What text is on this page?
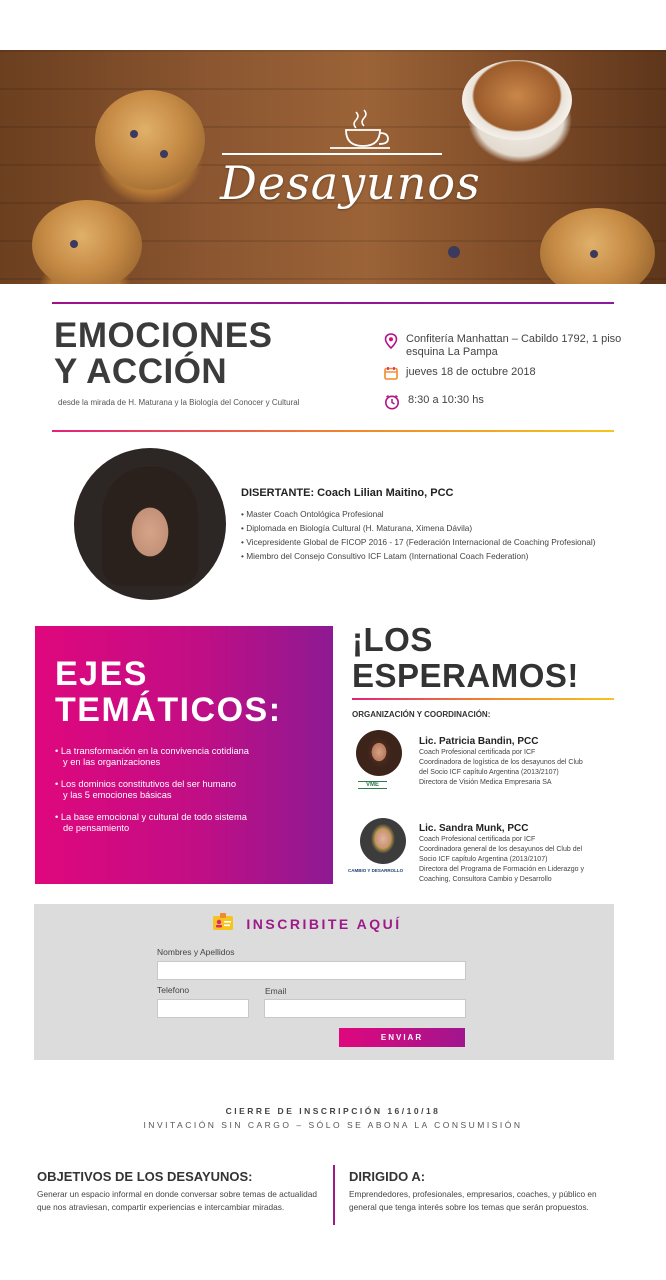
Desayunos
EMOCIONES
Y ACCIÓN
desde la mirada de H. Maturana y la Biología del Conocer y Cultural
Confitería Manhattan – Cabildo 1792, 1 piso
esquina La Pampa
jueves 18 de octubre 2018
8:30 a 10:30 hs
DISERTANTE: Coach Lilian Maitino, PCC
• Master Coach Ontológica Profesional
• Diplomada en Biología Cultural (H. Maturana, Ximena Dávila)
• Vicepresidente Global de FICOP 2016 - 17 (Federación Internacional de Coaching Profesional)
• Miembro del Consejo Consultivo ICF Latam (International Coach Federation)
EJES
TEMÁTICOS:
• La transformación en la convivencia cotidiana
y en las organizaciones
• Los dominios constitutivos del ser humano
y las 5 emociones básicas
• La base emocional y cultural de todo sistema
de pensamiento
¡LOS
ESPERAMOS!
ORGANIZACIÓN Y COORDINACIÓN:
VME
Lic. Patricia Bandin, PCC
Coach Profesional certificada por ICF
Coordinadora de logística de los desayunos del Club
del Socio ICF capítulo Argentina (2013/2107)
Directora de Visión Medica Empresaria SA
CAMBIO Y DESARROLLO
Lic. Sandra Munk, PCC
Coach Profesional certificada por ICF
Coordinadora general de los desayunos del Club del
Socio ICF capítulo Argentina (2013/2107)
Directora del Programa de Formación en Liderazgo y
Coaching, Consultora Cambio y Desarrollo
INSCRIBITE AQUÍ
Nombres y Apellidos
Telefono	Email
ENVIAR
CIERRE DE INSCRIPCIÓN 16/10/18
INVITACIÓN SIN CARGO – SÓLO SE ABONA LA CONSUMISIÓN
OBJETIVOS DE LOS DESAYUNOS:
Generar un espacio informal en donde conversar sobre temas de actualidad que nos atraviesan, compartir experiencias e intercambiar miradas.
DIRIGIDO A:
Emprendedores, profesionales, empresarios, coaches, y público en general que tenga interés sobre los temas que serán propuestos.
